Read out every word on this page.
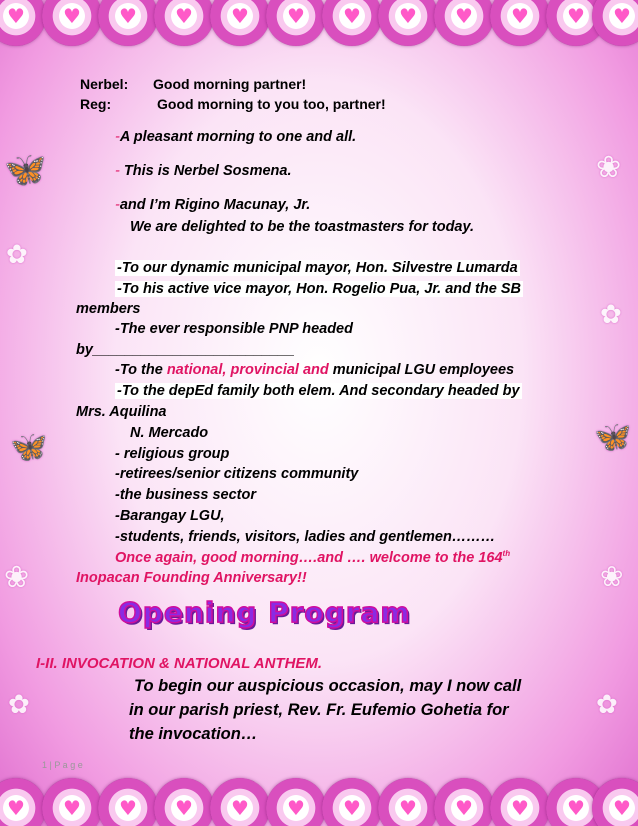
♥	♥	♥	♥	♥	♥	♥	♥	♥	♥	♥	♥
♥	♥	♥	♥	♥	♥	♥	♥	♥	♥	♥	♥
🦋
✿
🦋
❀
✿
❀
✿
🦋
❀
✿
Nerbel: Good morning partner!
Reg:	Good morning to you too, partner!
-A pleasant morning to one and all.
- This is Nerbel Sosmena.
-and I’m Rigino Macunay, Jr.
We are delighted to be the toastmasters for today.
-To our dynamic municipal mayor, Hon. Silvestre Lumarda
-To his active vice mayor, Hon. Rogelio Pua, Jr. and the SB
members
-The ever responsible PNP headed
by_________________________
-To the national, provincial and municipal LGU employees
-To the depEd family both elem. And secondary headed by
Mrs. Aquilina
N. Mercado
- religious group
-retirees/senior citizens community
-the business sector
-Barangay LGU,
-students, friends, visitors, ladies and gentlemen………
Once again, good morning….and …. welcome to the 164th
Inopacan Founding Anniversary!!
Opening Program
I-II. INVOCATION & NATIONAL ANTHEM.
To begin our auspicious occasion, may I now call
in our parish priest, Rev. Fr. Eufemio Gohetia for
the invocation…
1 | P a g e
